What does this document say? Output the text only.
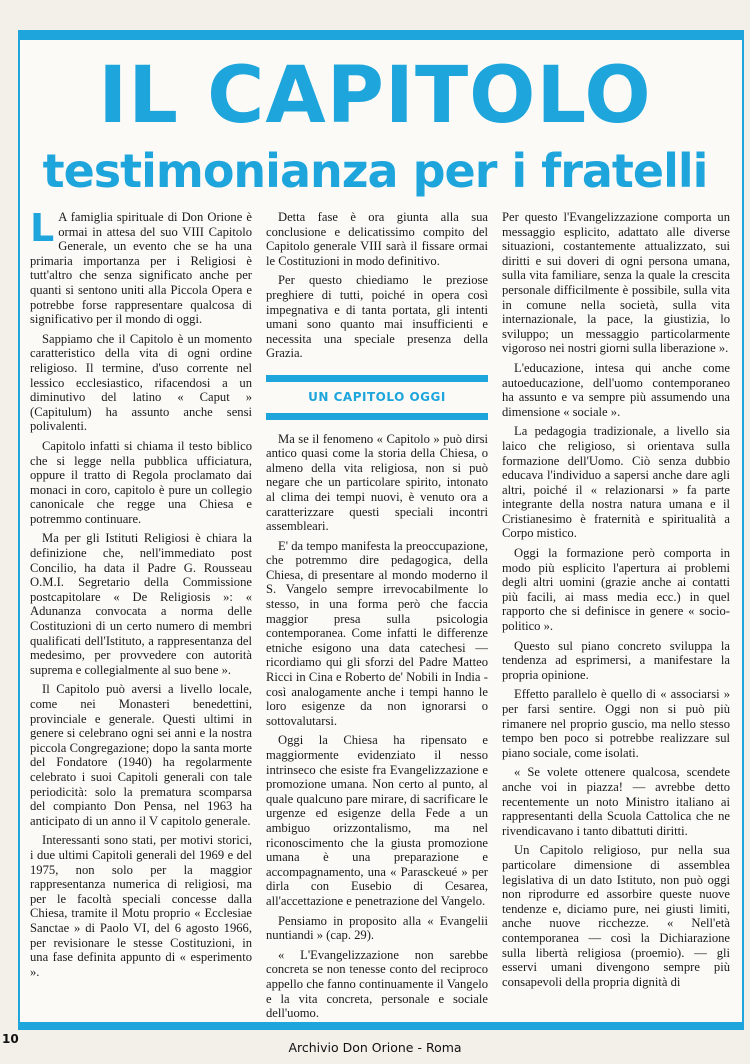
IL CAPITOLO
testimonianza per i fratelli

L A famiglia spirituale di Don Orione è ormai in attesa del suo VIII Capitolo Generale, un evento che se ha una primaria importanza per i Religiosi è tutt'altro che senza significato anche per quanti si sentono uniti alla Piccola Opera e potrebbe forse rappresentare qualcosa di significativo per il mondo di oggi.

Sappiamo che il Capitolo è un momento caratteristico della vita di ogni ordine religioso. Il termine, d'uso corrente nel lessico ecclesiastico, rifacendosi a un diminutivo del latino « Caput » (Capitulum) ha assunto anche sensi polivalenti.

Capitolo infatti si chiama il testo biblico che si legge nella pubblica ufficiatura, oppure il tratto di Regola proclamato dai monaci in coro, capitolo è pure un collegio canonicale che regge una Chiesa e potremmo continuare.

Ma per gli Istituti Religiosi è chiara la definizione che, nell'immediato post Concilio, ha data il Padre G. Rousseau O.M.I. Segretario della Commissione postcapitolare « De Religiosis »: « Adunanza convocata a norma delle Costituzioni di un certo numero di membri qualificati dell'Istituto, a rappresentanza del medesimo, per provvedere con autorità suprema e collegialmente al suo bene ».

Il Capitolo può aversi a livello locale, come nei Monasteri benedettini, provinciale e generale. Questi ultimi in genere si celebrano ogni sei anni e la nostra piccola Congregazione; dopo la santa morte del Fondatore (1940) ha regolarmente celebrato i suoi Capitoli generali con tale periodicità: solo la prematura scomparsa del compianto Don Pensa, nel 1963 ha anticipato di un anno il V capitolo generale.

Interessanti sono stati, per motivi storici, i due ultimi Capitoli generali del 1969 e del 1975, non solo per la maggior rappresentanza numerica di religiosi, ma per le facoltà speciali concesse dalla Chiesa, tramite il Motu proprio « Ecclesiae Sanctae » di Paolo VI, del 6 agosto 1966, per revisionare le stesse Costituzioni, in una fase definita appunto di « esperimento ».

Detta fase è ora giunta alla sua conclusione e delicatissimo compito del Capitolo generale VIII sarà il fissare ormai le Costituzioni in modo definitivo.

Per questo chiediamo le preziose preghiere di tutti, poiché in opera così impegnativa e di tanta portata, gli intenti umani sono quanto mai insufficienti e necessita una speciale presenza della Grazia.

UN CAPITOLO OGGI

Ma se il fenomeno « Capitolo » può dirsi antico quasi come la storia della Chiesa, o almeno della vita religiosa, non si può negare che un particolare spirito, intonato al clima dei tempi nuovi, è venuto ora a caratterizzare questi speciali incontri assembleari.

E' da tempo manifesta la preoccupazione, che potremmo dire pedagogica, della Chiesa, di presentare al mondo moderno il S. Vangelo sempre irrevocabilmente lo stesso, in una forma però che faccia maggior presa sulla psicologia contemporanea. Come infatti le differenze etniche esigono una data catechesi — ricordiamo qui gli sforzi del Padre Matteo Ricci in Cina e Roberto de' Nobili in India - così analogamente anche i tempi hanno le loro esigenze da non ignorarsi o sottovalutarsi.

Oggi la Chiesa ha ripensato e maggiormente evidenziato il nesso intrinseco che esiste fra Evangelizzazione e promozione umana. Non certo al punto, al quale qualcuno pare mirare, di sacrificare le urgenze ed esigenze della Fede a un ambiguo orizzontalismo, ma nel riconoscimento che la giusta promozione umana è una preparazione e accompagnamento, una « Parasckeué » per dirla con Eusebio di Cesarea, all'accettazione e penetrazione del Vangelo.

Pensiamo in proposito alla « Evangelii nuntiandi » (cap. 29).

« L'Evangelizzazione non sarebbe concreta se non tenesse conto del reciproco appello che fanno continuamente il Vangelo e la vita concreta, personale e sociale dell'uomo.

Per questo l'Evangelizzazione comporta un messaggio esplicito, adattato alle diverse situazioni, costantemente attualizzato, sui diritti e sui doveri di ogni persona umana, sulla vita familiare, senza la quale la crescita personale difficilmente è possibile, sulla vita in comune nella società, sulla vita internazionale, la pace, la giustizia, lo sviluppo; un messaggio particolarmente vigoroso nei nostri giorni sulla liberazione ».

L'educazione, intesa qui anche come autoeducazione, dell'uomo contemporaneo ha assunto e va sempre più assumendo una dimensione « sociale ».

La pedagogia tradizionale, a livello sia laico che religioso, si orientava sulla formazione dell'Uomo. Ciò senza dubbio educava l'individuo a sapersi anche dare agli altri, poiché il « relazionarsi » fa parte integrante della nostra natura umana e il Cristianesimo è fraternità e spiritualità a Corpo mistico.

Oggi la formazione però comporta in modo più esplicito l'apertura ai problemi degli altri uomini (grazie anche ai contatti più facili, ai mass media ecc.) in quel rapporto che si definisce in genere « socio-politico ».

Questo sul piano concreto sviluppa la tendenza ad esprimersi, a manifestare la propria opinione.

Effetto parallelo è quello di « associarsi » per farsi sentire. Oggi non si può più rimanere nel proprio guscio, ma nello stesso tempo ben poco si potrebbe realizzare sul piano sociale, come isolati.

« Se volete ottenere qualcosa, scendete anche voi in piazza! — avrebbe detto recentemente un noto Ministro italiano ai rappresentanti della Scuola Cattolica che ne rivendicavano i tanto dibattuti diritti.

Un Capitolo religioso, pur nella sua particolare dimensione di assemblea legislativa di un dato Istituto, non può oggi non riprodurre ed assorbire queste nuove tendenze e, diciamo pure, nei giusti limiti, anche nuove ricchezze. « Nell'età contemporanea — così la Dichiarazione sulla libertà religiosa (proemio). — gli esservi umani divengono sempre più consapevoli della propria dignità di

10
Archivio Don Orione - Roma
